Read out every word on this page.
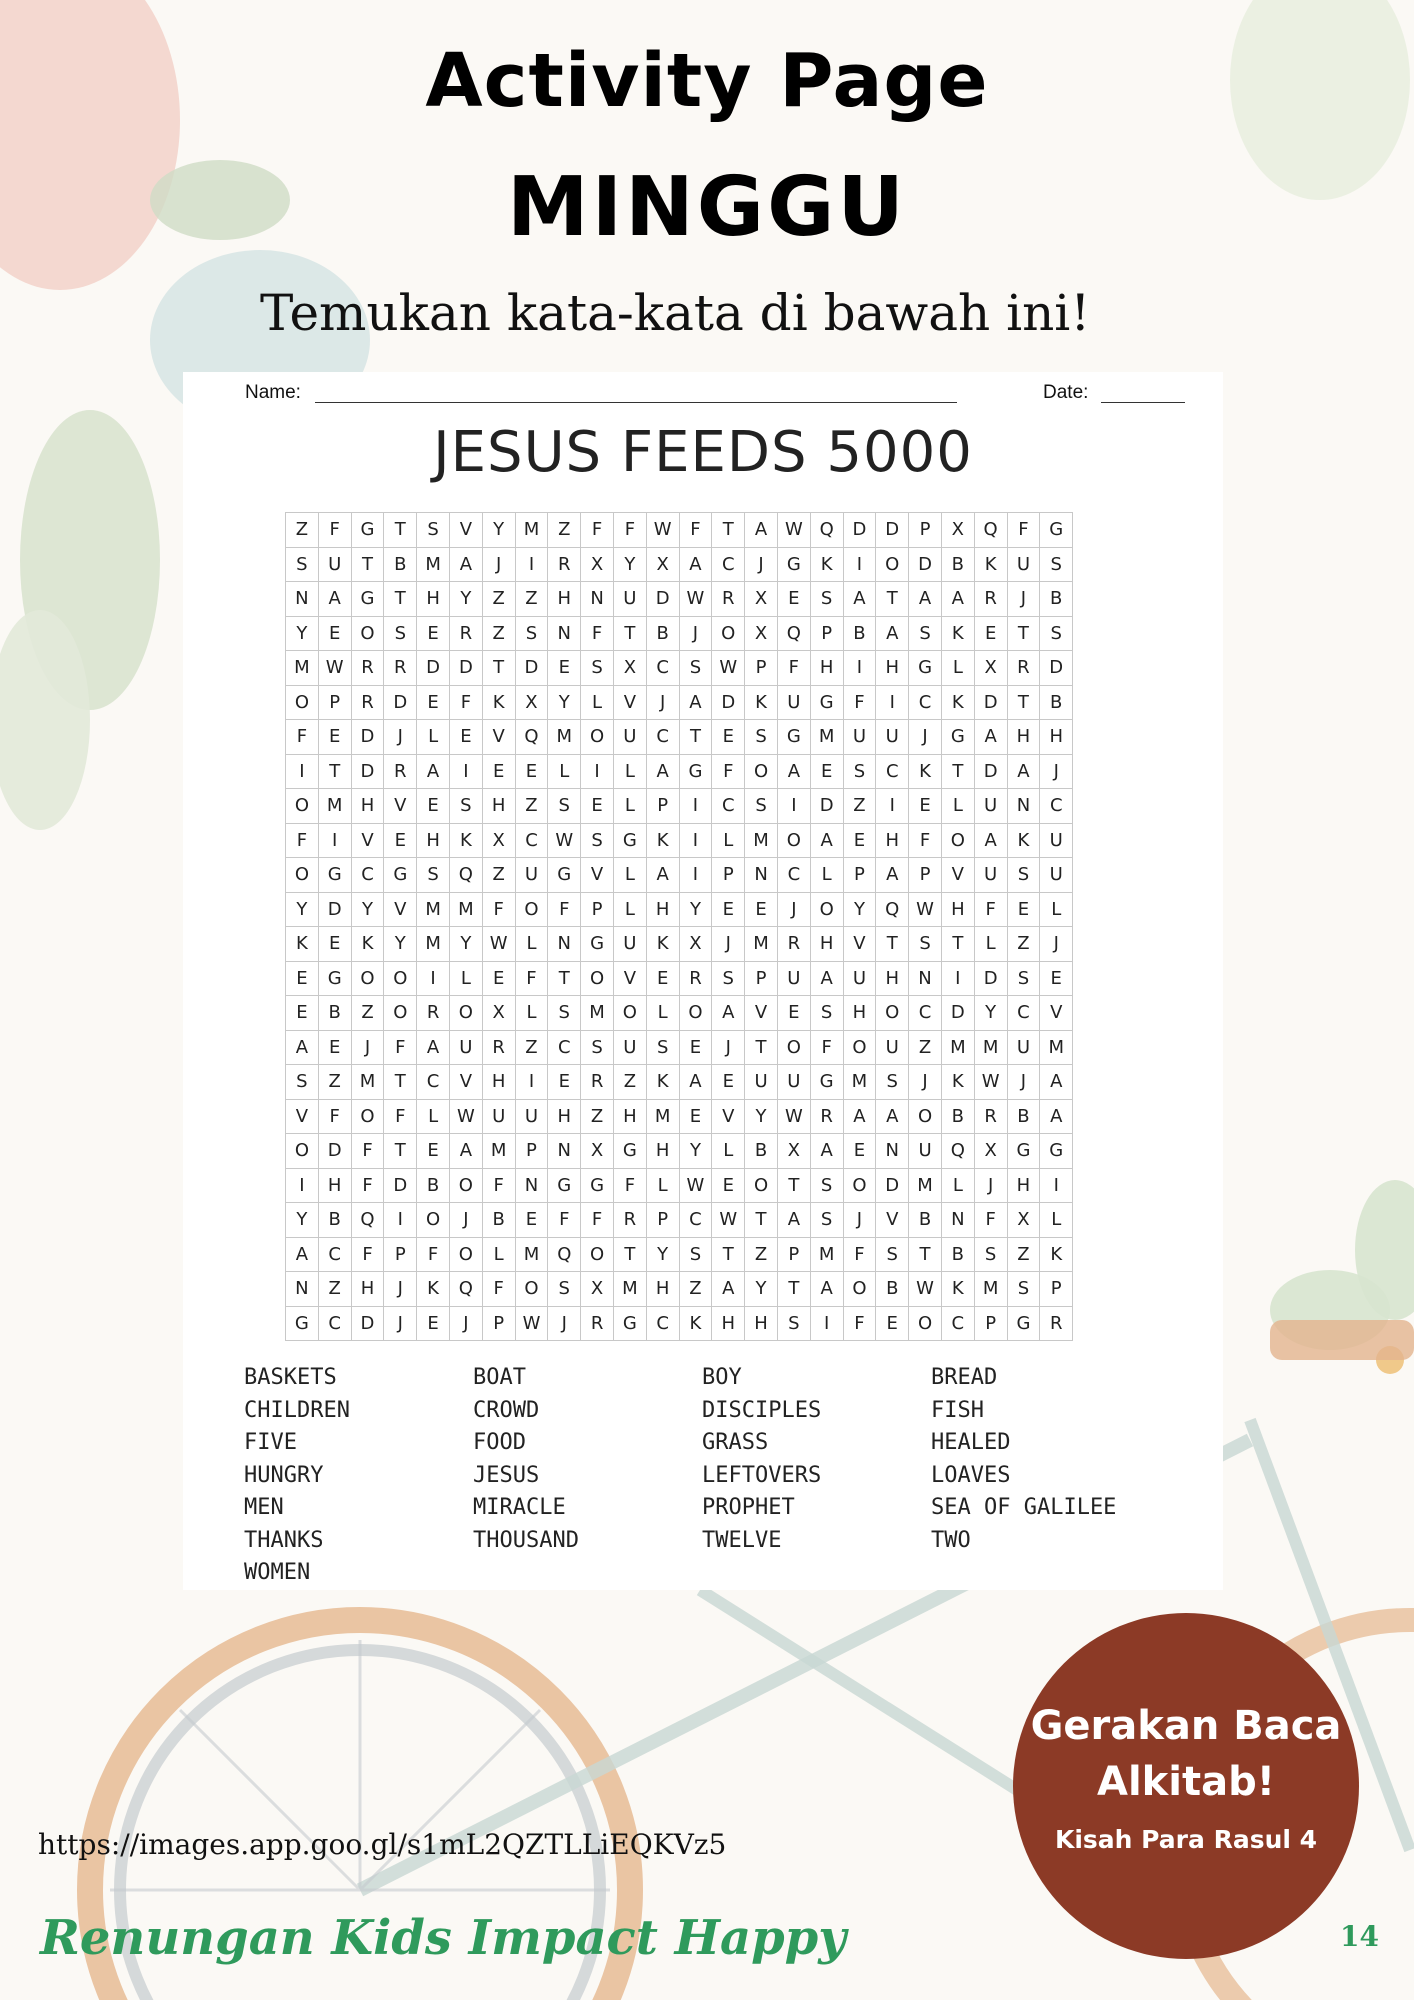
Activity Page
MINGGU
Temukan kata-kata di bawah ini!
Name:	Date:
JESUS FEEDS 5000
Z	F	G	T	S	V	Y	M	Z	F	F	W	F	T	A	W	Q	D	D	P	X	Q	F	G
S	U	T	B	M	A	J	I	R	X	Y	X	A	C	J	G	K	I	O	D	B	K	U	S
N	A	G	T	H	Y	Z	Z	H	N	U	D	W	R	X	E	S	A	T	A	A	R	J	B
Y	E	O	S	E	R	Z	S	N	F	T	B	J	O	X	Q	P	B	A	S	K	E	T	S
M	W	R	R	D	D	T	D	E	S	X	C	S	W	P	F	H	I	H	G	L	X	R	D
O	P	R	D	E	F	K	X	Y	L	V	J	A	D	K	U	G	F	I	C	K	D	T	B
F	E	D	J	L	E	V	Q	M	O	U	C	T	E	S	G	M	U	U	J	G	A	H	H
I	T	D	R	A	I	E	E	L	I	L	A	G	F	O	A	E	S	C	K	T	D	A	J
O	M	H	V	E	S	H	Z	S	E	L	P	I	C	S	I	D	Z	I	E	L	U	N	C
F	I	V	E	H	K	X	C	W	S	G	K	I	L	M	O	A	E	H	F	O	A	K	U
O	G	C	G	S	Q	Z	U	G	V	L	A	I	P	N	C	L	P	A	P	V	U	S	U
Y	D	Y	V	M	M	F	O	F	P	L	H	Y	E	E	J	O	Y	Q	W	H	F	E	L
K	E	K	Y	M	Y	W	L	N	G	U	K	X	J	M	R	H	V	T	S	T	L	Z	J
E	G	O	O	I	L	E	F	T	O	V	E	R	S	P	U	A	U	H	N	I	D	S	E
E	B	Z	O	R	O	X	L	S	M	O	L	O	A	V	E	S	H	O	C	D	Y	C	V
A	E	J	F	A	U	R	Z	C	S	U	S	E	J	T	O	F	O	U	Z	M	M	U	M
S	Z	M	T	C	V	H	I	E	R	Z	K	A	E	U	U	G	M	S	J	K	W	J	A
V	F	O	F	L	W	U	U	H	Z	H	M	E	V	Y	W	R	A	A	O	B	R	B	A
O	D	F	T	E	A	M	P	N	X	G	H	Y	L	B	X	A	E	N	U	Q	X	G	G
I	H	F	D	B	O	F	N	G	G	F	L	W	E	O	T	S	O	D	M	L	J	H	I
Y	B	Q	I	O	J	B	E	F	F	R	P	C	W	T	A	S	J	V	B	N	F	X	L
A	C	F	P	F	O	L	M	Q	O	T	Y	S	T	Z	P	M	F	S	T	B	S	Z	K
N	Z	H	J	K	Q	F	O	S	X	M	H	Z	A	Y	T	A	O	B	W	K	M	S	P
G	C	D	J	E	J	P	W	J	R	G	C	K	H	H	S	I	F	E	O	C	P	G	R
BASKETS	BOAT	BOY	BREAD
CHILDREN	CROWD	DISCIPLES	FISH
FIVE	FOOD	GRASS	HEALED
HUNGRY	JESUS	LEFTOVERS	LOAVES
MEN	MIRACLE	PROPHET	SEA OF GALILEE
THANKS	THOUSAND	TWELVE	TWO
WOMEN
https://images.app.goo.gl/s1mL2QZTLLiEQKVz5
Gerakan Baca
Alkitab!
Kisah Para Rasul 4
Renungan Kids Impact Happy	14
